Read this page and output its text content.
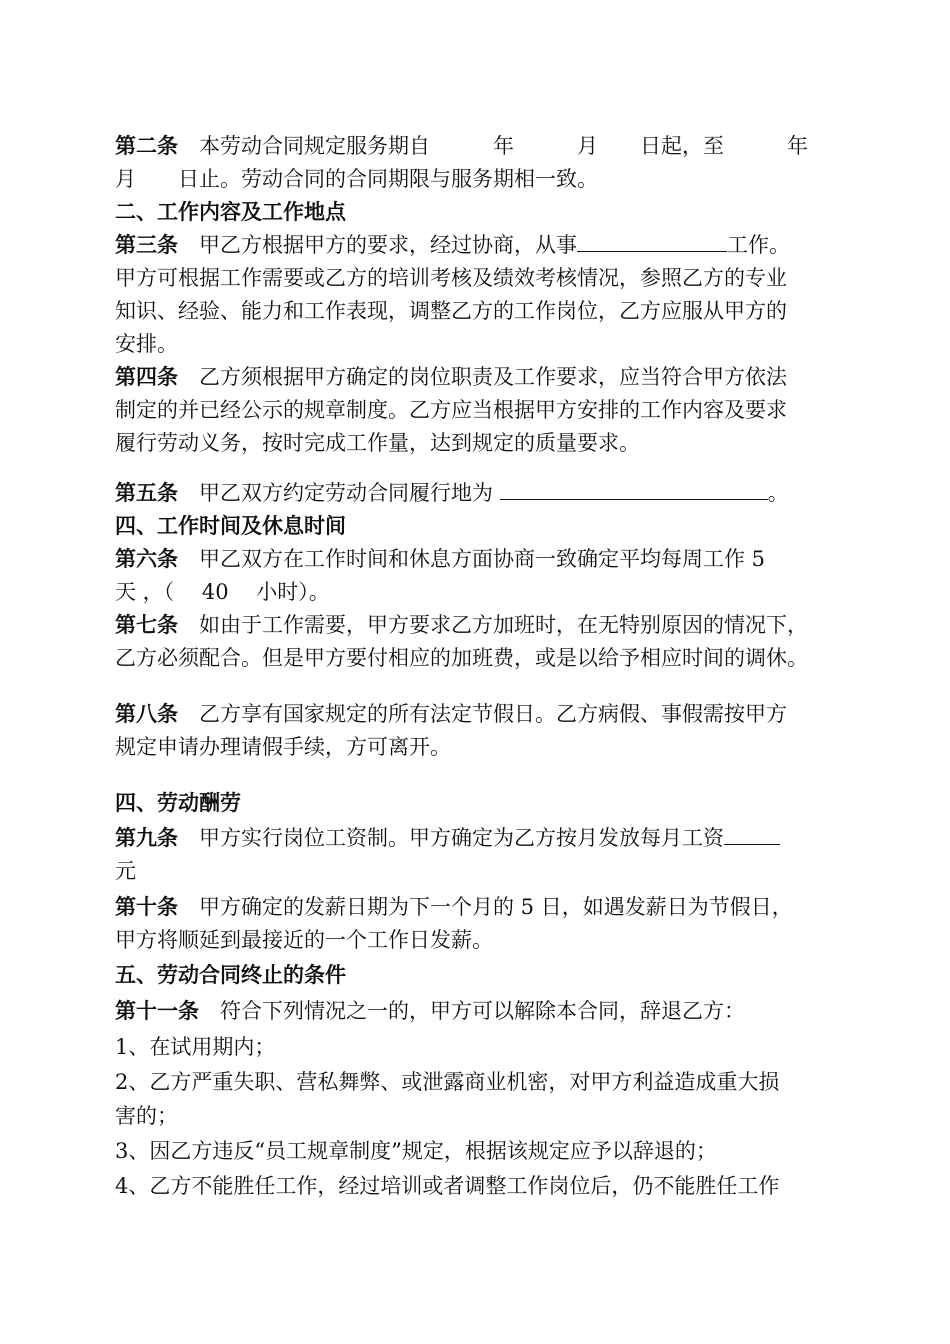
第二条　本劳动合同规定服务期自　　　年　　　月　　日起，至　　　年
月　　日止。劳动合同的合同期限与服务期相一致。
二、工作内容及工作地点
第三条　甲乙方根据甲方的要求，经过协商，从事	工作。
甲方可根据工作需要或乙方的培训考核及绩效考核情况，参照乙方的专业
知识、经验、能力和工作表现，调整乙方的工作岗位，乙方应服从甲方的
安排。
第四条　乙方须根据甲方确定的岗位职责及工作要求，应当符合甲方依法
制定的并已经公示的规章制度。乙方应当根据甲方安排的工作内容及要求
履行劳动义务，按时完成工作量，达到规定的质量要求。
第五条　甲乙双方约定劳动合同履行地为	。
四、工作时间及休息时间
第六条　甲乙双方在工作时间和休息方面协商一致确定平均每周工作 5
天 ，（　 40　 小时）。
第七条　如由于工作需要，甲方要求乙方加班时，在无特别原因的情况下，
乙方必须配合。但是甲方要付相应的加班费，或是以给予相应时间的调休。
第八条　乙方享有国家规定的所有法定节假日。乙方病假、事假需按甲方
规定申请办理请假手续，方可离开。
四、劳动酬劳
第九条　甲方实行岗位工资制。甲方确定为乙方按月发放每月工资
元
第十条　甲方确定的发薪日期为下一个月的 5 日，如遇发薪日为节假日，
甲方将顺延到最接近的一个工作日发薪。
五、劳动合同终止的条件
第十一条　符合下列情况之一的，甲方可以解除本合同，辞退乙方：
1、在试用期内；
2、乙方严重失职、营私舞弊、或泄露商业机密，对甲方利益造成重大损
害的；
3、因乙方违反“员工规章制度”规定，根据该规定应予以辞退的；
4、乙方不能胜任工作，经过培训或者调整工作岗位后，仍不能胜任工作
